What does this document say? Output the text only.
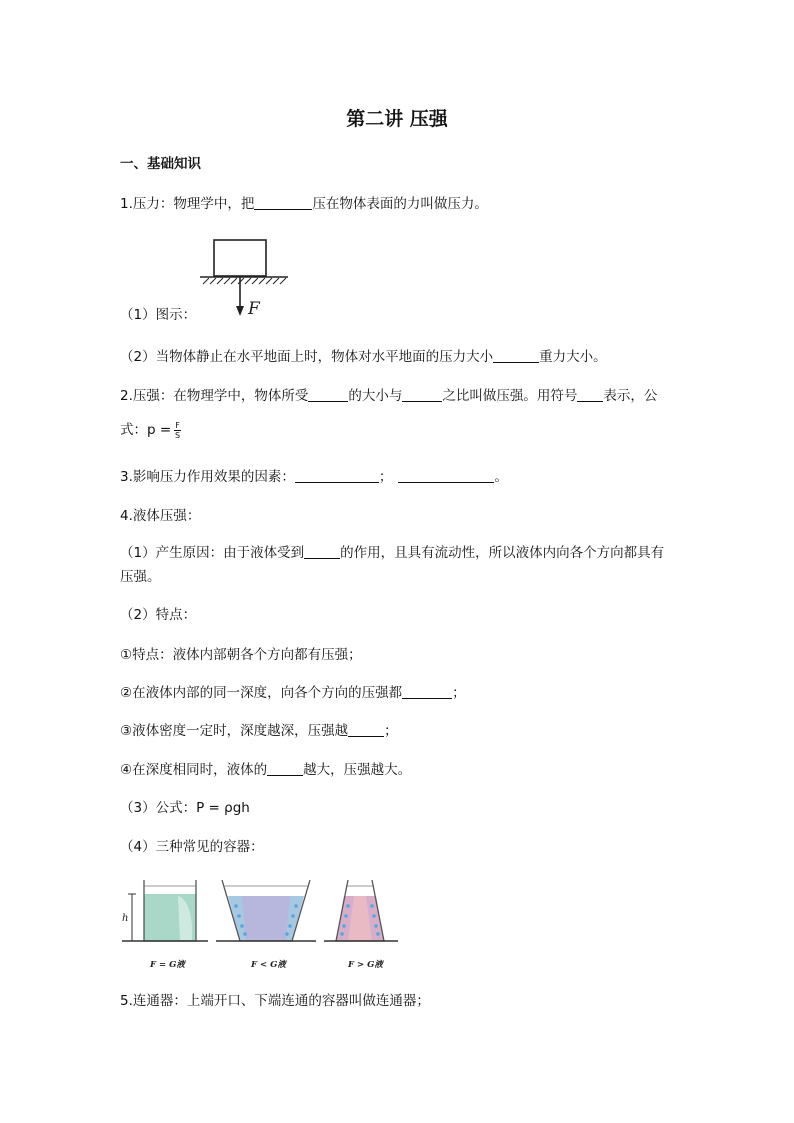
第二讲 压强
一、基础知识
1.压力：物理学中，把	压在物体表面的力叫做压力。
F
（1）图示：
（2）当物体静止在水平地面上时，物体对水平地面的压力大小	重力大小。
2.压强：在物理学中，物体所受	的大小与	之比叫做压强。用符号 表示，公
式：$p = \frac{F}{S}$
3.影响压力作用效果的因素：	；	。
4.液体压强：
（1）产生原因：由于液体受到	的作用，且具有流动性，所以液体内向各个方向都具有
压强。
（2）特点：
①特点：液体内部朝各个方向都有压强；
②在液体内部的同一深度，向各个方向的压强都	；
③液体密度一定时，深度越深，压强越	；
④在深度相同时，液体的	越大，压强越大。
（3）公式：P = ρgh
（4）三种常见的容器：
h
F = G液	F < G液	F > G液
5.连通器：上端开口、下端连通的容器叫做连通器；
